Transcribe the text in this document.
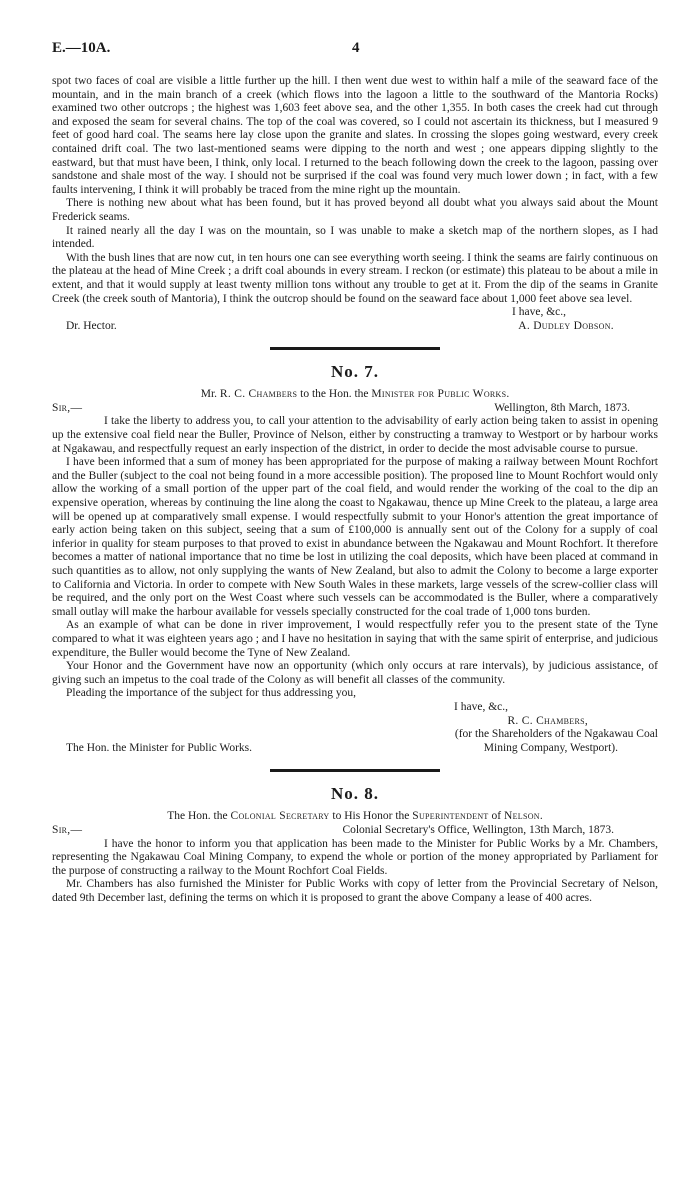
E.—10A.	4

spot two faces of coal are visible a little further up the hill. I then went due west to within half a mile of the seaward face of the mountain, and in the main branch of a creek (which flows into the lagoon a little to the southward of the Mantoria Rocks) examined two other outcrops ; the highest was 1,603 feet above sea, and the other 1,355. In both cases the creek had cut through and exposed the seam for several chains. The top of the coal was covered, so I could not ascertain its thickness, but I measured 9 feet of good hard coal. The seams here lay close upon the granite and slates. In crossing the slopes going westward, every creek contained drift coal. The two last-mentioned seams were dipping to the north and west ; one appears dipping slightly to the eastward, but that must have been, I think, only local. I returned to the beach following down the creek to the lagoon, passing over sandstone and shale most of the way. I should not be surprised if the coal was found very much lower down ; in fact, with a few faults intervening, I think it will probably be traced from the mine right up the mountain.

There is nothing new about what has been found, but it has proved beyond all doubt what you always said about the Mount Frederick seams.

It rained nearly all the day I was on the mountain, so I was unable to make a sketch map of the northern slopes, as I had intended.

With the bush lines that are now cut, in ten hours one can see everything worth seeing. I think the seams are fairly continuous on the plateau at the head of Mine Creek ; a drift coal abounds in every stream. I reckon (or estimate) this plateau to be about a mile in extent, and that it would supply at least twenty million tons without any trouble to get at it. From the dip of the seams in Granite Creek (the creek south of Mantoria), I think the outcrop should be found on the seaward face about 1,000 feet above sea level.

I have, &c.,
Dr. Hector.	A. Dudley Dobson.
No. 7.
Mr. R. C. Chambers to the Hon. the Minister for Public Works.
Sir,—	Wellington, 8th March, 1873.

I take the liberty to address you, to call your attention to the advisability of early action being taken to assist in opening up the extensive coal field near the Buller, Province of Nelson, either by constructing a tramway to Westport or by harbour works at Ngakawau, and respectfully request an early inspection of the district, in order to decide the most advisable course to pursue.

I have been informed that a sum of money has been appropriated for the purpose of making a railway between Mount Rochfort and the Buller (subject to the coal not being found in a more accessible position). The proposed line to Mount Rochfort would only allow the working of a small portion of the upper part of the coal field, and would render the working of the coal to the dip an expensive operation, whereas by continuing the line along the coast to Ngakawau, thence up Mine Creek to the plateau, a large area will be opened up at comparatively small expense. I would respectfully submit to your Honor's attention the great importance of early action being taken on this subject, seeing that a sum of £100,000 is annually sent out of the Colony for a supply of coal inferior in quality for steam purposes to that proved to exist in abundance between the Ngakawau and Mount Rochfort. It therefore becomes a matter of national importance that no time be lost in utilizing the coal deposits, which have been placed at command in such quantities as to allow, not only supplying the wants of New Zealand, but also to admit the Colony to become a large exporter to California and Victoria. In order to compete with New South Wales in these markets, large vessels of the screw-collier class will be required, and the only port on the West Coast where such vessels can be accommodated is the Buller, where a comparatively small outlay will make the harbour available for vessels specially constructed for the coal trade of 1,000 tons burden.

As an example of what can be done in river improvement, I would respectfully refer you to the present state of the Tyne compared to what it was eighteen years ago ; and I have no hesitation in saying that with the same spirit of enterprise, and judicious expenditure, the Buller would become the Tyne of New Zealand.

Your Honor and the Government have now an opportunity (which only occurs at rare intervals), by judicious assistance, of giving such an impetus to the coal trade of the Colony as will benefit all classes of the community.

Pleading the importance of the subject for thus addressing you,

I have, &c.,
R. C. Chambers,
(for the Shareholders of the Ngakawau Coal
The Hon. the Minister for Public Works.	Mining Company, Westport).
No. 8.
The Hon. the Colonial Secretary to His Honor the Superintendent of Nelson.
Sir,—	Colonial Secretary's Office, Wellington, 13th March, 1873.

I have the honor to inform you that application has been made to the Minister for Public Works by a Mr. Chambers, representing the Ngakawau Coal Mining Company, to expend the whole or portion of the money appropriated by Parliament for the purpose of constructing a railway to the Mount Rochfort Coal Fields.

Mr. Chambers has also furnished the Minister for Public Works with copy of letter from the Provincial Secretary of Nelson, dated 9th December last, defining the terms on which it is proposed to grant the above Company a lease of 400 acres.
